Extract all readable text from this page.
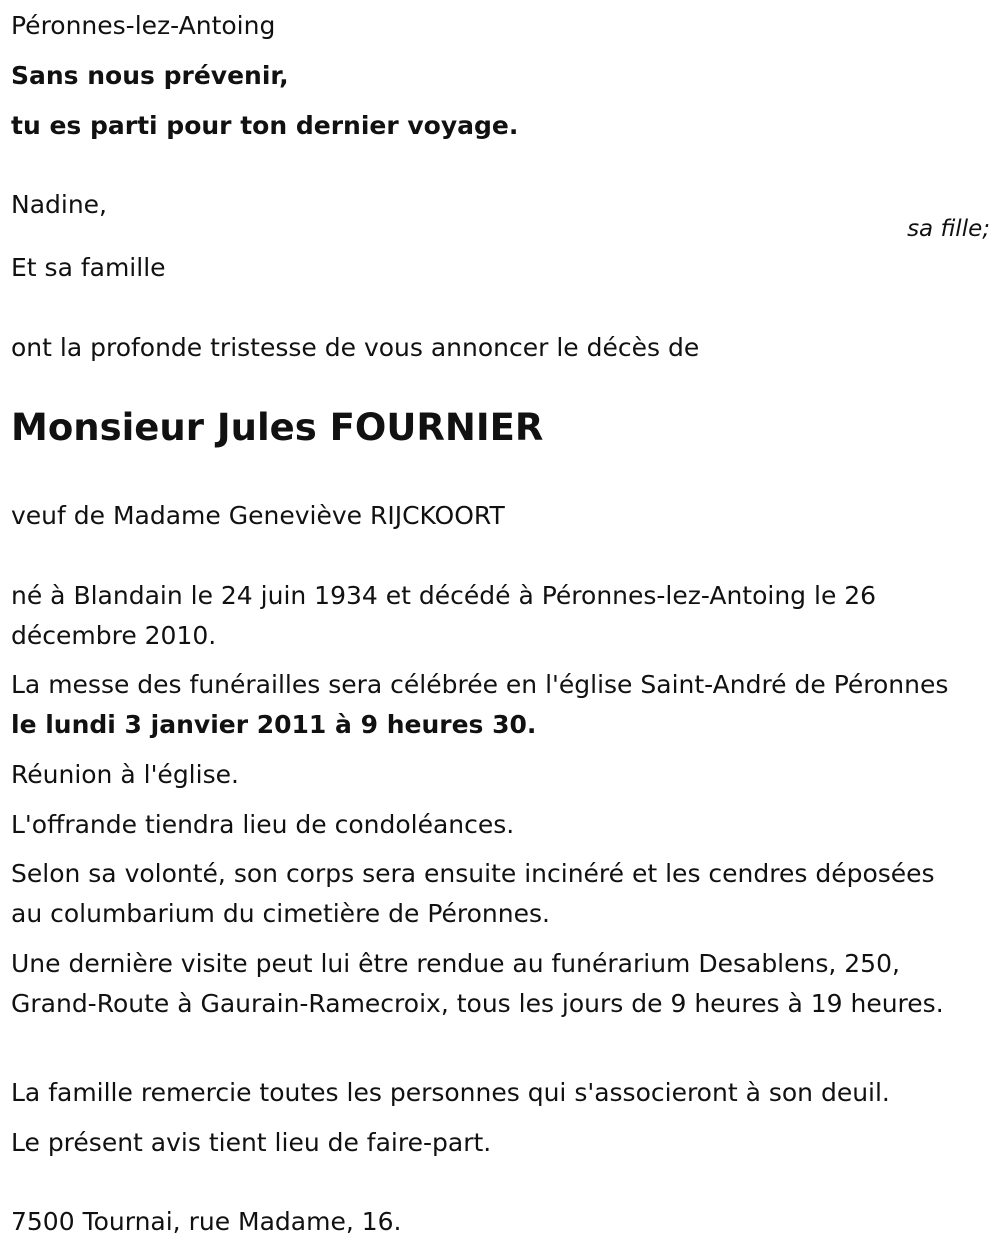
Péronnes-lez-Antoing

Sans nous prévenir,

tu es parti pour ton dernier voyage.

Nadine,

sa fille;

Et sa famille

ont la profonde tristesse de vous annoncer le décès de

Monsieur Jules FOURNIER

veuf de Madame Geneviève RIJCKOORT

né à Blandain le 24 juin 1934 et décédé à Péronnes-lez-Antoing le 26 décembre 2010.

La messe des funérailles sera célébrée en l'église Saint-André de Péronnes le lundi 3 janvier 2011 à 9 heures 30.

Réunion à l'église.

L'offrande tiendra lieu de condoléances.

Selon sa volonté, son corps sera ensuite incinéré et les cendres déposées au columbarium du cimetière de Péronnes.

Une dernière visite peut lui être rendue au funérarium Desablens, 250, Grand-Route à Gaurain-Ramecroix, tous les jours de 9 heures à 19 heures.

La famille remercie toutes les personnes qui s'associeront à son deuil.

Le présent avis tient lieu de faire-part.

7500 Tournai, rue Madame, 16.
